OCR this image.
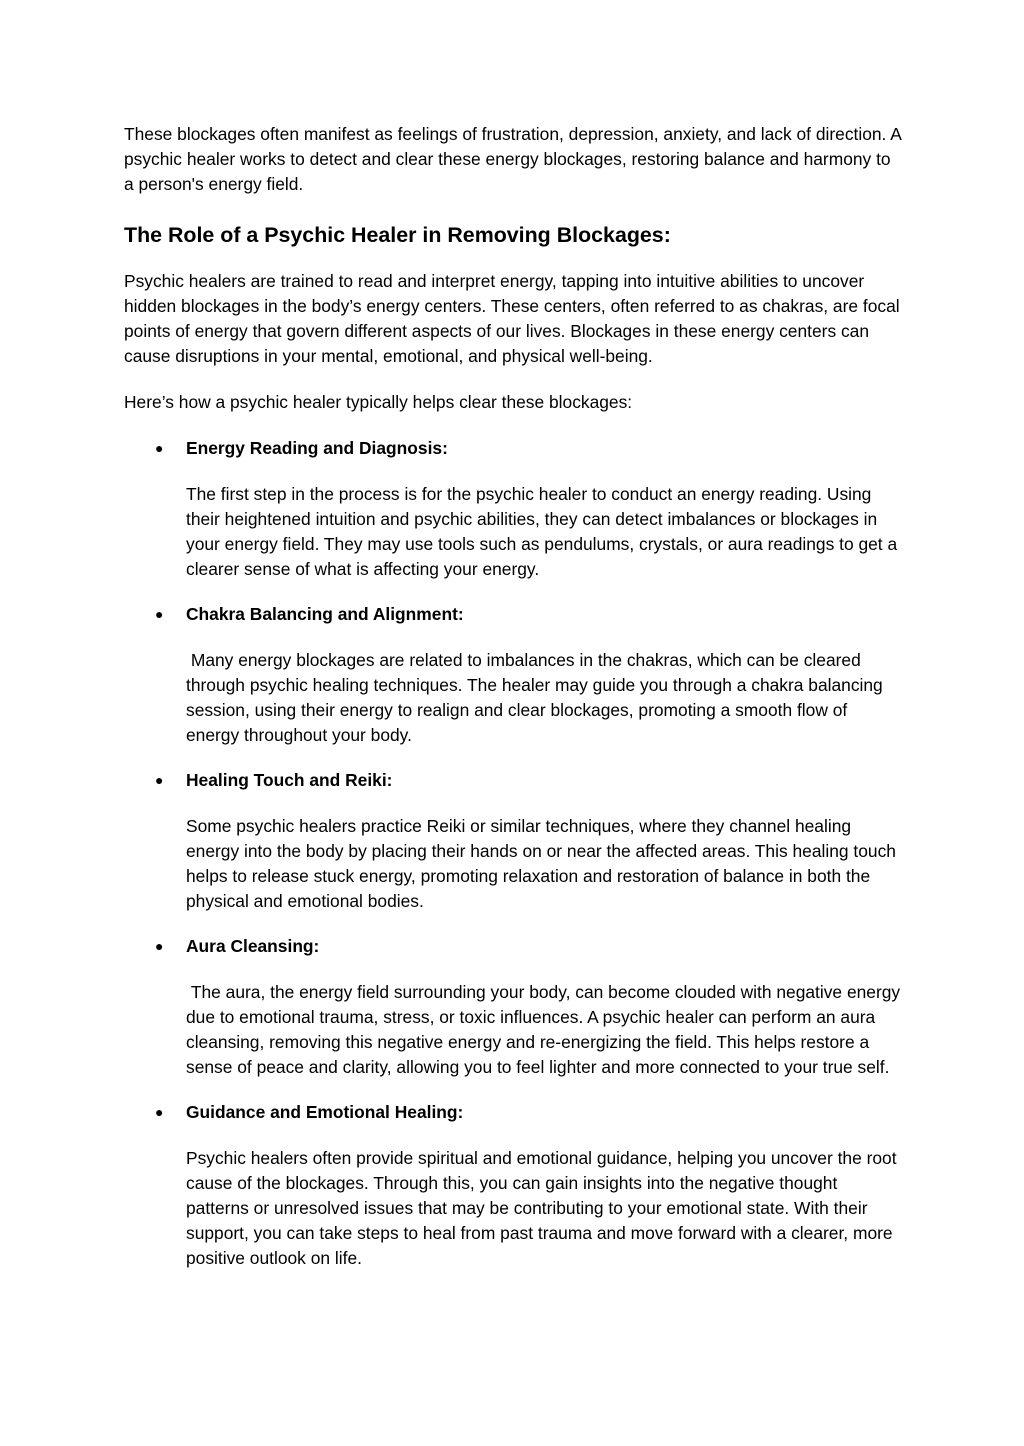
These blockages often manifest as feelings of frustration, depression, anxiety, and lack of direction. A psychic healer works to detect and clear these energy blockages, restoring balance and harmony to a person's energy field.

The Role of a Psychic Healer in Removing Blockages:

Psychic healers are trained to read and interpret energy, tapping into intuitive abilities to uncover hidden blockages in the body’s energy centers. These centers, often referred to as chakras, are focal points of energy that govern different aspects of our lives. Blockages in these energy centers can cause disruptions in your mental, emotional, and physical well-being.

Here’s how a psychic healer typically helps clear these blockages:

● Energy Reading and Diagnosis:
The first step in the process is for the psychic healer to conduct an energy reading. Using their heightened intuition and psychic abilities, they can detect imbalances or blockages in your energy field. They may use tools such as pendulums, crystals, or aura readings to get a clearer sense of what is affecting your energy.
● Chakra Balancing and Alignment:
Many energy blockages are related to imbalances in the chakras, which can be cleared through psychic healing techniques. The healer may guide you through a chakra balancing session, using their energy to realign and clear blockages, promoting a smooth flow of energy throughout your body.
● Healing Touch and Reiki:
Some psychic healers practice Reiki or similar techniques, where they channel healing energy into the body by placing their hands on or near the affected areas. This healing touch helps to release stuck energy, promoting relaxation and restoration of balance in both the physical and emotional bodies.
● Aura Cleansing:
The aura, the energy field surrounding your body, can become clouded with negative energy due to emotional trauma, stress, or toxic influences. A psychic healer can perform an aura cleansing, removing this negative energy and re-energizing the field. This helps restore a sense of peace and clarity, allowing you to feel lighter and more connected to your true self.
● Guidance and Emotional Healing:
Psychic healers often provide spiritual and emotional guidance, helping you uncover the root cause of the blockages. Through this, you can gain insights into the negative thought patterns or unresolved issues that may be contributing to your emotional state. With their support, you can take steps to heal from past trauma and move forward with a clearer, more positive outlook on life.
